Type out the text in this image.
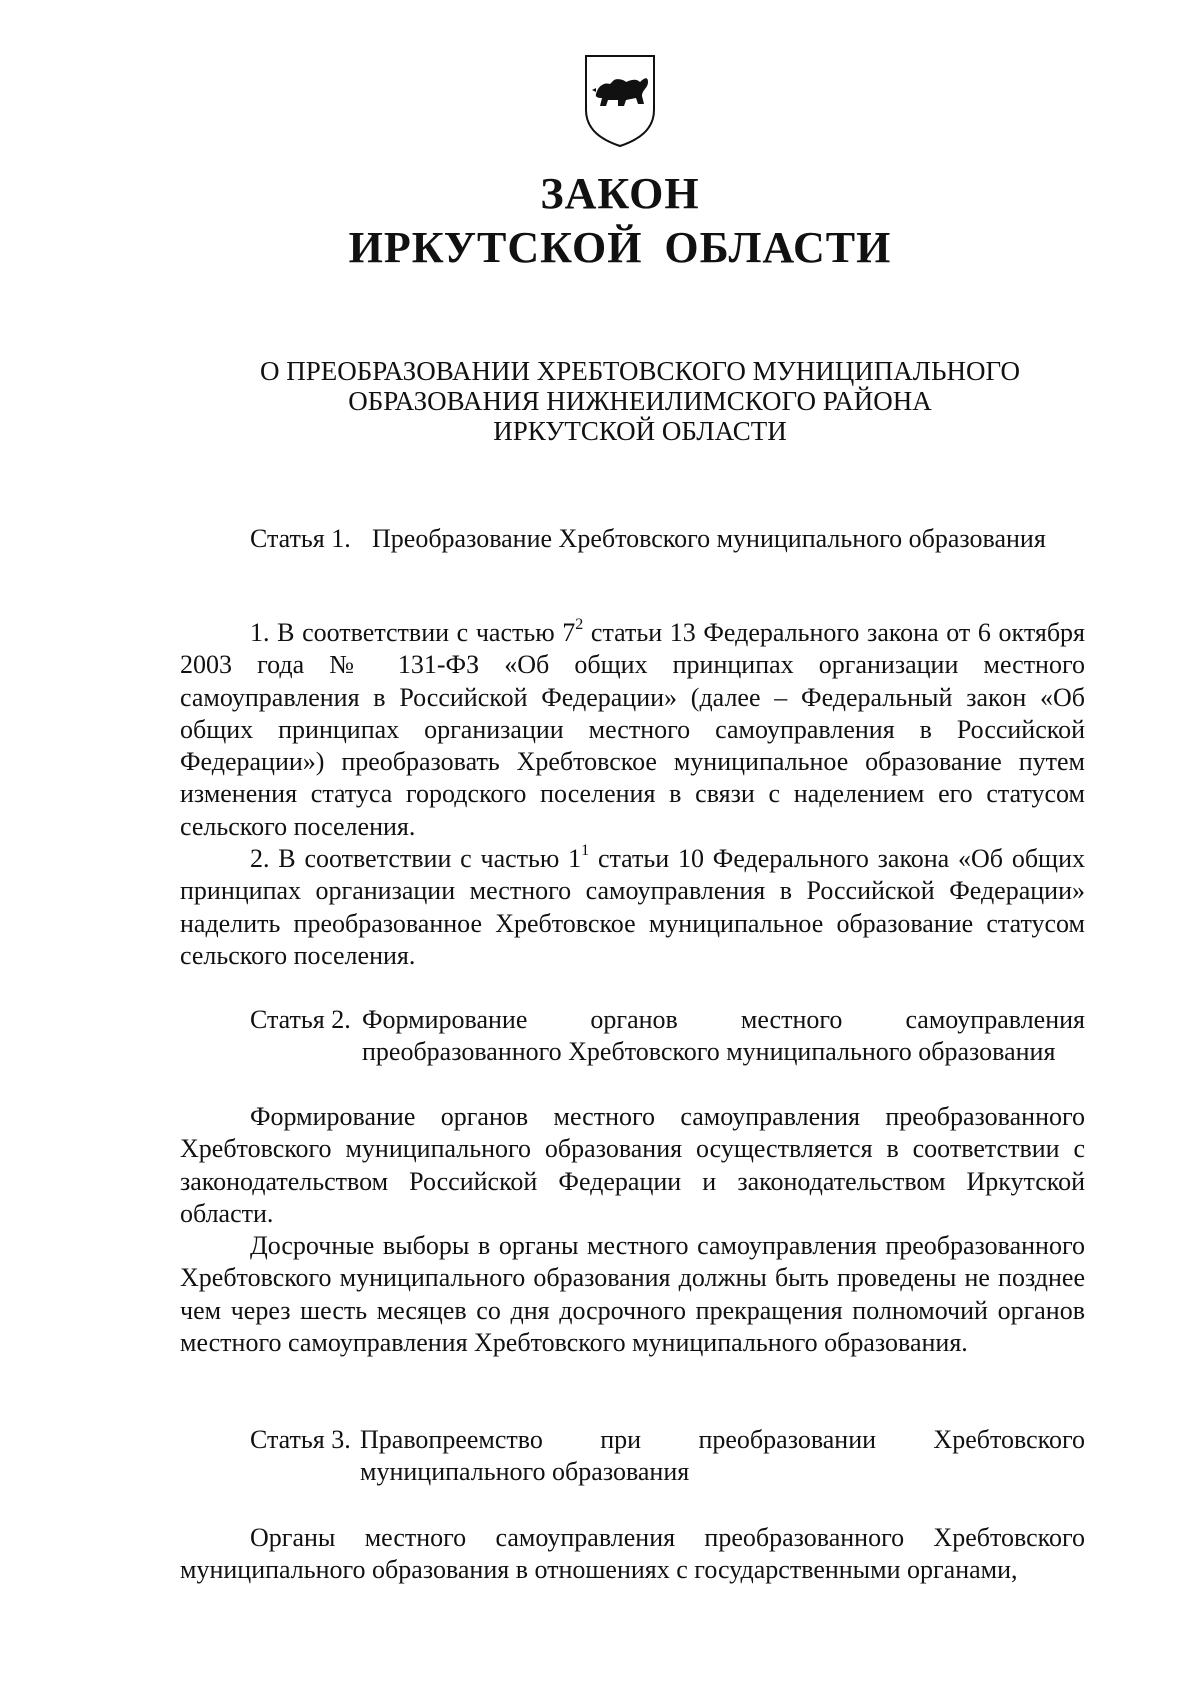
ЗАКОН
ИРКУТСКОЙ ОБЛАСТИ
О ПРЕОБРАЗОВАНИИ ХРЕБТОВСКОГО МУНИЦИПАЛЬНОГО
ОБРАЗОВАНИЯ НИЖНЕИЛИМСКОГО РАЙОНА
ИРКУТСКОЙ ОБЛАСТИ
Статья 1. Преобразование Хребтовского муниципального образования
1. В соответствии с частью $7^2$ статьи 13 Федерального закона от 6 октября 2003 года № 131-ФЗ «Об общих принципах организации местного самоуправления в Российской Федерации» (далее – Федеральный закон «Об общих принципах организации местного самоуправления в Российской Федерации») преобразовать Хребтовское муниципальное образование путем изменения статуса городского поселения в связи с наделением его статусом сельского поселения.
2. В соответствии с частью $1^1$ статьи 10 Федерального закона «Об общих принципах организации местного самоуправления в Российской Федерации» наделить преобразованное Хребтовское муниципальное образование статусом сельского поселения.
Статья 2. Формирование органов местного самоуправления преобразованного Хребтовского муниципального образования
Формирование органов местного самоуправления преобразованного Хребтовского муниципального образования осуществляется в соответствии с законодательством Российской Федерации и законодательством Иркутской области.
Досрочные выборы в органы местного самоуправления преобразованного Хребтовского муниципального образования должны быть проведены не позднее чем через шесть месяцев со дня досрочного прекращения полномочий органов местного самоуправления Хребтовского муниципального образования.
Статья 3. Правопреемство при преобразовании Хребтовского муниципального образования
Органы местного самоуправления преобразованного Хребтовского муниципального образования в отношениях с государственными органами,
